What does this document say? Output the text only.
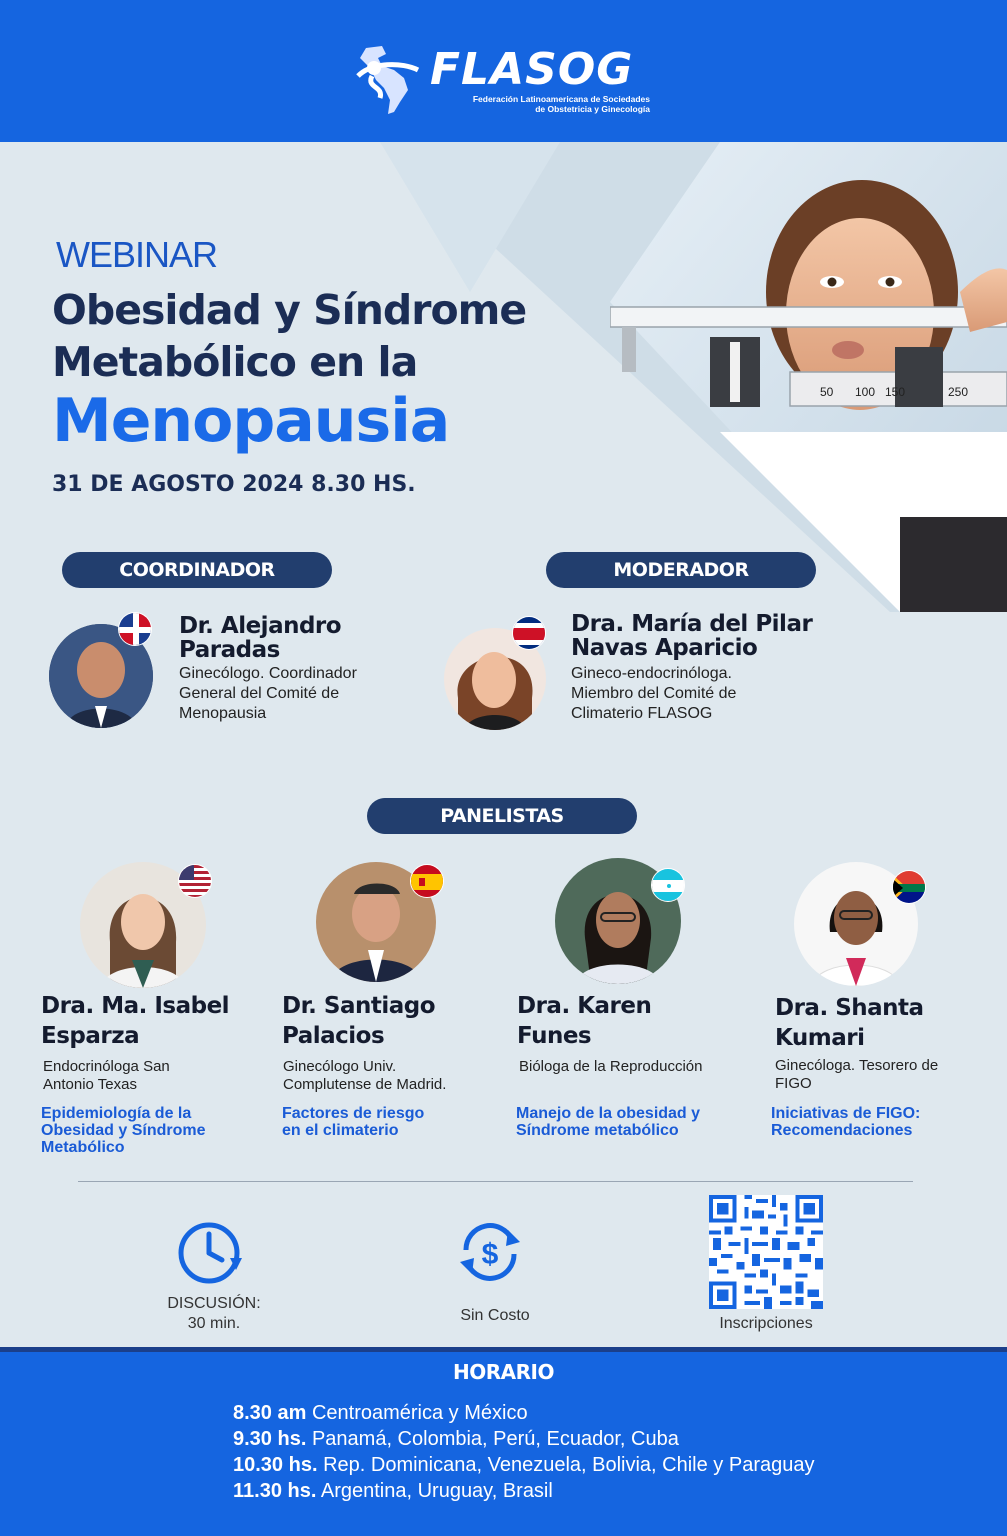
FLASOG
Federación Latinoamericana de Sociedades
de Obstetricia y Ginecología
50 100 150	250
WEBINAR
Obesidad y Síndrome
Metabólico en la
Menopausia
31 DE AGOSTO 2024 8.30 HS.
COORDINADOR
Dr. Alejandro
Paradas
Ginecólogo. Coordinador
General del Comité de
Menopausia
MODERADOR
Dra. María del Pilar
Navas Aparicio
Gineco-endocrinóloga.
Miembro del Comité de
Climaterio FLASOG
PANELISTAS
Dra. Ma. Isabel
Esparza
Endocrinóloga San
Antonio Texas
Epidemiología de la
Obesidad y Síndrome
Metabólico
Dr. Santiago
Palacios
Ginecólogo Univ.
Complutense de Madrid.
Factores de riesgo
en el climaterio
Dra. Karen
Funes
Bióloga de la Reproducción
Manejo de la obesidad y
Síndrome metabólico
Dra. Shanta
Kumari
Ginecóloga. Tesorero de
FIGO
Iniciativas de FIGO:
Recomendaciones
DISCUSIÓN:
30 min.
$
Sin Costo	Inscripciones
HORARIO
8.30 am Centroamérica y México
9.30 hs. Panamá, Colombia, Perú, Ecuador, Cuba
10.30 hs. Rep. Dominicana, Venezuela, Bolivia, Chile y Paraguay
11.30 hs. Argentina, Uruguay, Brasil
